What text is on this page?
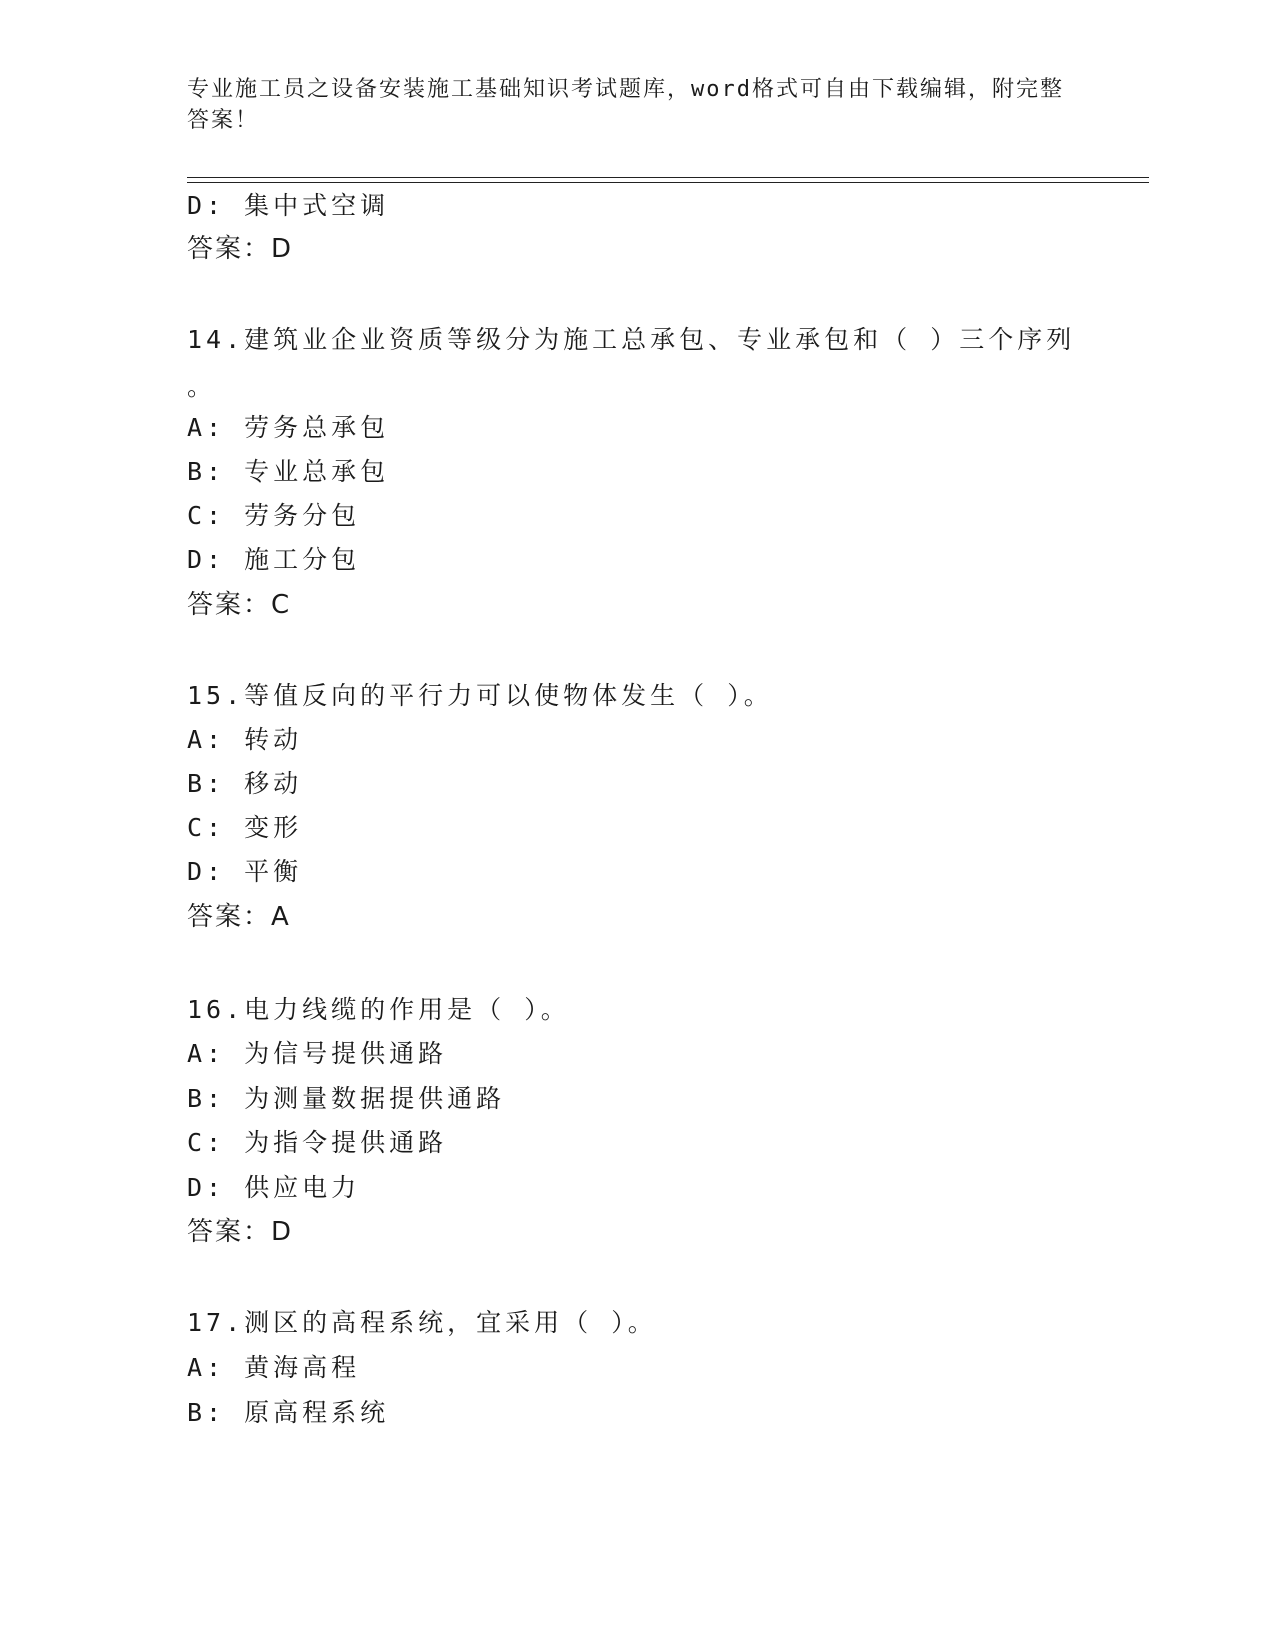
专业施工员之设备安装施工基础知识考试题库，word格式可自由下载编辑，附完整答案！
D: 集中式空调
答案：D
14.建筑业企业资质等级分为施工总承包、专业承包和（ ）三个序列
。
A: 劳务总承包
B: 专业总承包
C: 劳务分包
D: 施工分包
答案：C
15.等值反向的平行力可以使物体发生（ ）。
A: 转动
B: 移动
C: 变形
D: 平衡
答案：A
16.电力线缆的作用是（ ）。
A: 为信号提供通路
B: 为测量数据提供通路
C: 为指令提供通路
D: 供应电力
答案：D
17.测区的高程系统，宜采用（ ）。
A: 黄海高程
B: 原高程系统
